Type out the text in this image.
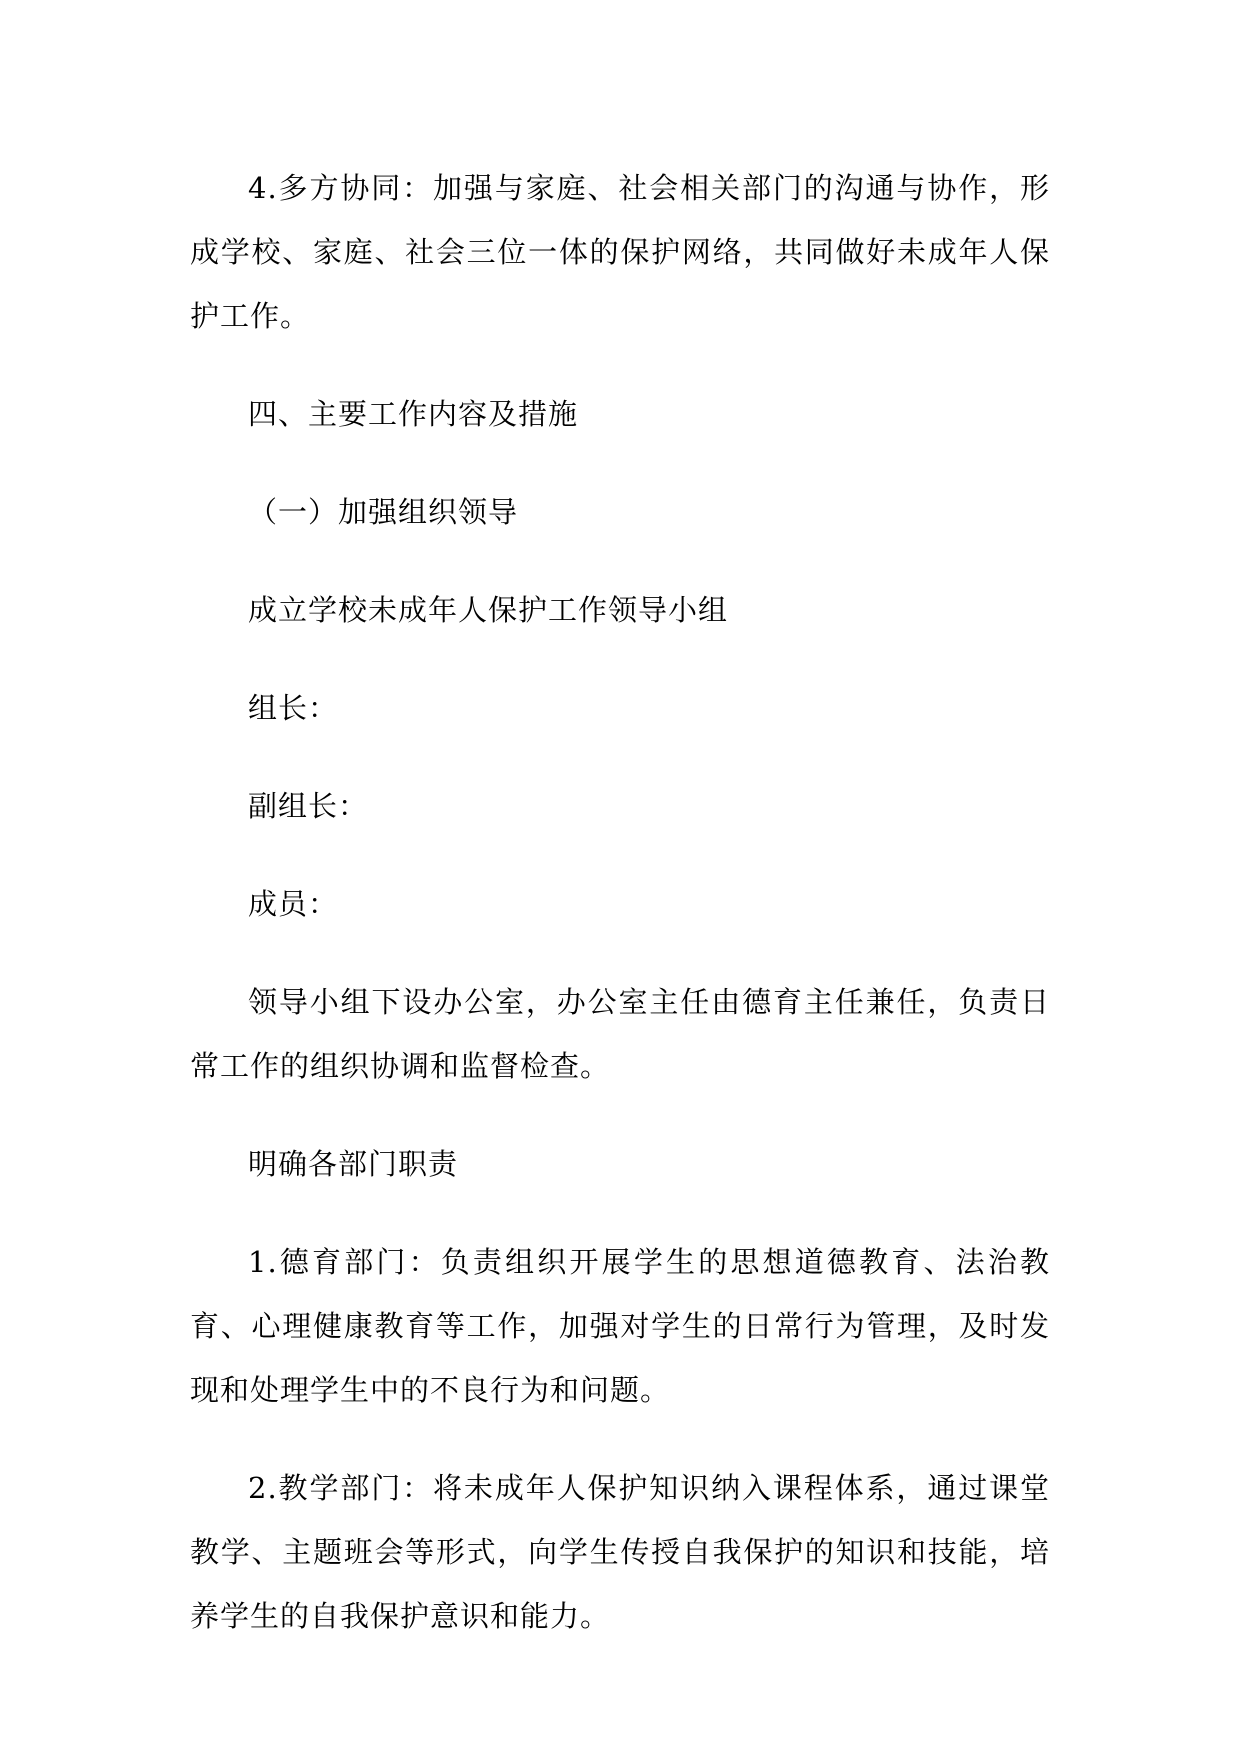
4.多方协同：加强与家庭、社会相关部门的沟通与协作，形成学校、家庭、社会三位一体的保护网络，共同做好未成年人保护工作。

四、主要工作内容及措施

（一）加强组织领导

成立学校未成年人保护工作领导小组

组长：

副组长：

成员：

领导小组下设办公室，办公室主任由德育主任兼任，负责日常工作的组织协调和监督检查。

明确各部门职责

1.德育部门：负责组织开展学生的思想道德教育、法治教育、心理健康教育等工作，加强对学生的日常行为管理，及时发现和处理学生中的不良行为和问题。

2.教学部门：将未成年人保护知识纳入课程体系，通过课堂教学、主题班会等形式，向学生传授自我保护的知识和技能，培养学生的自我保护意识和能力。
